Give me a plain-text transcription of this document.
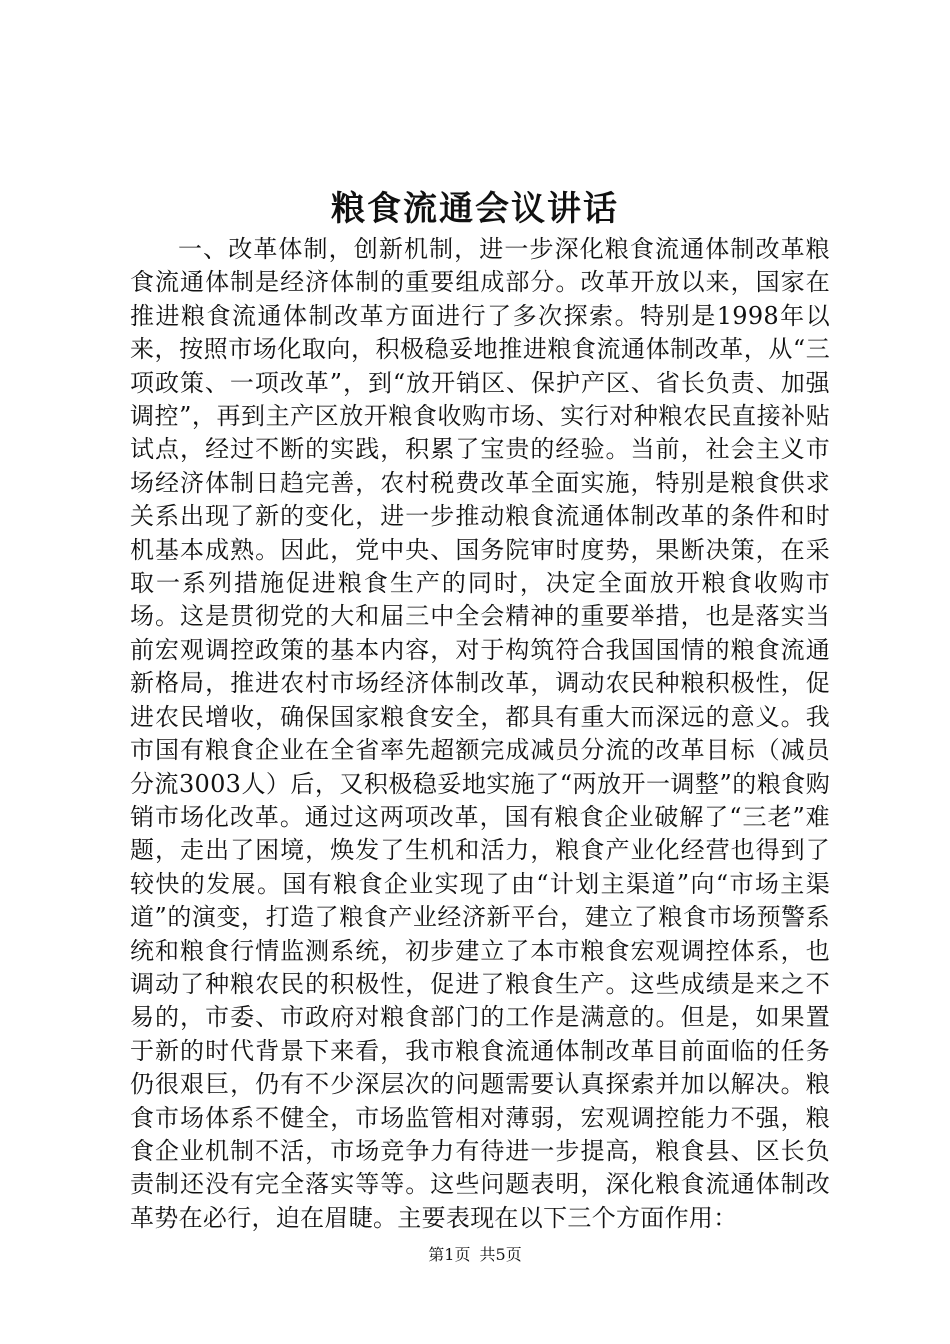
粮食流通会议讲话

一、改革体制，创新机制，进一步深化粮食流通体制改革粮食流通体制是经济体制的重要组成部分。改革开放以来，国家在推进粮食流通体制改革方面进行了多次探索。特别是1998年以来，按照市场化取向，积极稳妥地推进粮食流通体制改革，从“三项政策、一项改革”，到“放开销区、保护产区、省长负责、加强调控”，再到主产区放开粮食收购市场、实行对种粮农民直接补贴试点，经过不断的实践，积累了宝贵的经验。当前，社会主义市场经济体制日趋完善，农村税费改革全面实施，特别是粮食供求关系出现了新的变化，进一步推动粮食流通体制改革的条件和时机基本成熟。因此，党中央、国务院审时度势，果断决策，在采取一系列措施促进粮食生产的同时，决定全面放开粮食收购市场。这是贯彻党的大和届三中全会精神的重要举措，也是落实当前宏观调控政策的基本内容，对于构筑符合我国国情的粮食流通新格局，推进农村市场经济体制改革，调动农民种粮积极性，促进农民增收，确保国家粮食安全，都具有重大而深远的意义。我市国有粮食企业在全省率先超额完成减员分流的改革目标（减员分流3003人）后，又积极稳妥地实施了“两放开一调整”的粮食购销市场化改革。通过这两项改革，国有粮食企业破解了“三老”难题，走出了困境，焕发了生机和活力，粮食产业化经营也得到了较快的发展。国有粮食企业实现了由“计划主渠道”向“市场主渠道”的演变，打造了粮食产业经济新平台，建立了粮食市场预警系统和粮食行情监测系统，初步建立了本市粮食宏观调控体系，也调动了种粮农民的积极性，促进了粮食生产。这些成绩是来之不易的，市委、市政府对粮食部门的工作是满意的。但是，如果置于新的时代背景下来看，我市粮食流通体制改革目前面临的任务仍很艰巨，仍有不少深层次的问题需要认真探索并加以解决。粮食市场体系不健全，市场监管相对薄弱，宏观调控能力不强，粮食企业机制不活，市场竞争力有待进一步提高，粮食县、区长负责制还没有完全落实等等。这些问题表明，深化粮食流通体制改革势在必行，迫在眉睫。主要表现在以下三个方面作用：

第1页 共5页
